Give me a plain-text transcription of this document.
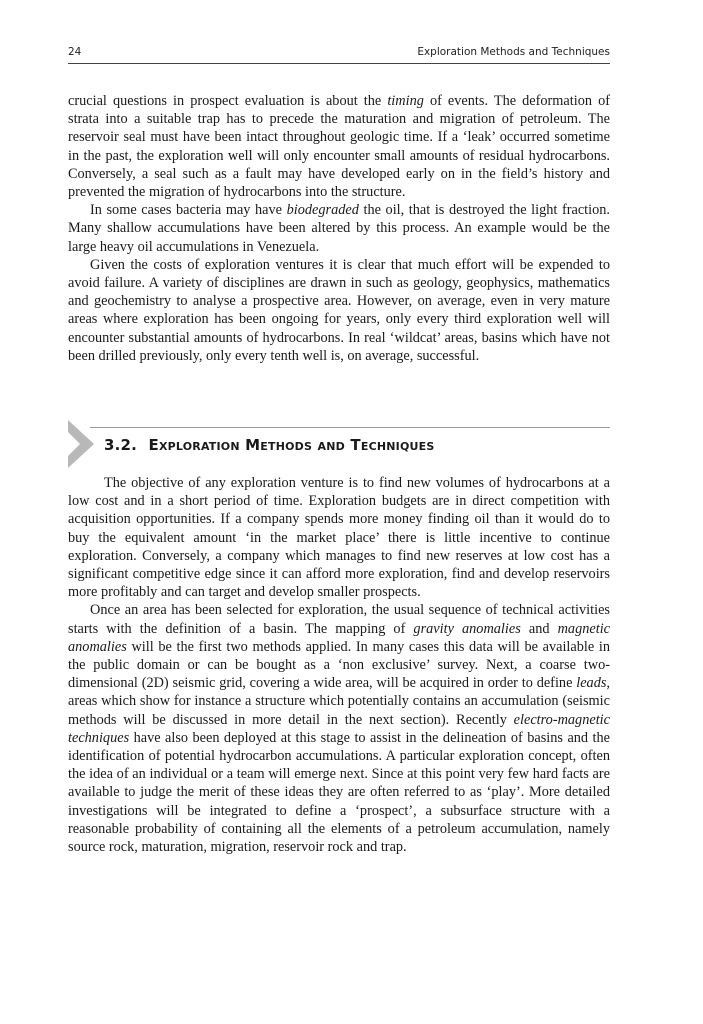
24	Exploration Methods and Techniques

crucial questions in prospect evaluation is about the timing of events. The deformation of strata into a suitable trap has to precede the maturation and migration of petroleum. The reservoir seal must have been intact throughout geologic time. If a ‘leak’ occurred sometime in the past, the exploration well will only encounter small amounts of residual hydrocarbons. Conversely, a seal such as a fault may have developed early on in the field’s history and prevented the migration of hydrocarbons into the structure.

In some cases bacteria may have biodegraded the oil, that is destroyed the light fraction. Many shallow accumulations have been altered by this process. An example would be the large heavy oil accumulations in Venezuela.

Given the costs of exploration ventures it is clear that much effort will be expended to avoid failure. A variety of disciplines are drawn in such as geology, geophysics, mathematics and geochemistry to analyse a prospective area. However, on average, even in very mature areas where exploration has been ongoing for years, only every third exploration well will encounter substantial amounts of hydrocarbons. In real ‘wildcat’ areas, basins which have not been drilled previously, only every tenth well is, on average, successful.

3.2. Exploration Methods and Techniques

The objective of any exploration venture is to find new volumes of hydrocarbons at a low cost and in a short period of time. Exploration budgets are in direct competition with acquisition opportunities. If a company spends more money finding oil than it would do to buy the equivalent amount ‘in the market place’ there is little incentive to continue exploration. Conversely, a company which manages to find new reserves at low cost has a significant competitive edge since it can afford more exploration, find and develop reservoirs more profitably and can target and develop smaller prospects.

Once an area has been selected for exploration, the usual sequence of technical activities starts with the definition of a basin. The mapping of gravity anomalies and magnetic anomalies will be the first two methods applied. In many cases this data will be available in the public domain or can be bought as a ‘non exclusive’ survey. Next, a coarse two-dimensional (2D) seismic grid, covering a wide area, will be acquired in order to define leads, areas which show for instance a structure which potentially contains an accumulation (seismic methods will be discussed in more detail in the next section). Recently electro-magnetic techniques have also been deployed at this stage to assist in the delineation of basins and the identification of potential hydrocarbon accumulations. A particular exploration concept, often the idea of an individual or a team will emerge next. Since at this point very few hard facts are available to judge the merit of these ideas they are often referred to as ‘play’. More detailed investigations will be integrated to define a ‘prospect’, a subsurface structure with a reasonable probability of containing all the elements of a petroleum accumulation, namely source rock, maturation, migration, reservoir rock and trap.
